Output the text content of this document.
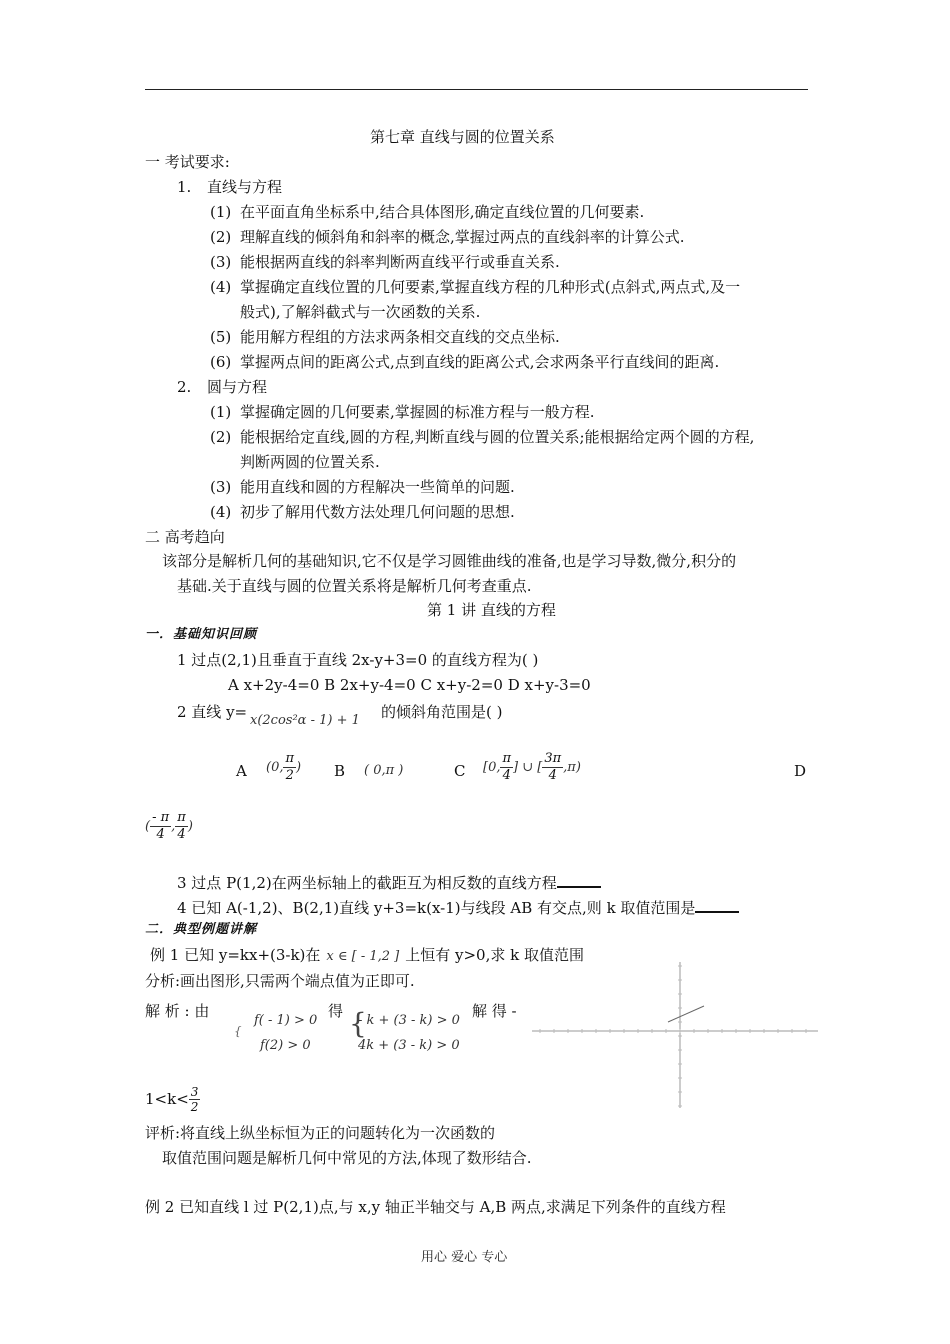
第七章 直线与圆的位置关系
一 考试要求:
1. 直线与方程
(1) 在平面直角坐标系中,结合具体图形,确定直线位置的几何要素.
(2) 理解直线的倾斜角和斜率的概念,掌握过两点的直线斜率的计算公式.
(3) 能根据两直线的斜率判断两直线平行或垂直关系.
(4) 掌握确定直线位置的几何要素,掌握直线方程的几种形式(点斜式,两点式,及一
般式),了解斜截式与一次函数的关系.
(5) 能用解方程组的方法求两条相交直线的交点坐标.
(6) 掌握两点间的距离公式,点到直线的距离公式,会求两条平行直线间的距离.
2. 圆与方程
(1) 掌握确定圆的几何要素,掌握圆的标准方程与一般方程.
(2) 能根据给定直线,圆的方程,判断直线与圆的位置关系;能根据给定两个圆的方程,
判断两圆的位置关系.
(3) 能用直线和圆的方程解决一些简单的问题.
(4) 初步了解用代数方法处理几何问题的思想.
二 高考趋向
该部分是解析几何的基础知识,它不仅是学习圆锥曲线的准备,也是学习导数,微分,积分的
基础.关于直线与圆的位置关系将是解析几何考查重点.
第 1 讲 直线的方程
一．基础知识回顾
1 过点(2,1)且垂直于直线 2x-y+3=0 的直线方程为( )
A x+2y-4=0 B 2x+y-4=0 C x+y-2=0 D x+y-3=0
2 直线 y= x(2cos²α - 1) + 1 的倾斜角范围是( )
A (0, $\frac{\pi}{2}$ ) B ( 0,π )	C [0, $\frac{\pi}{4}$ ] ∪ [ $\frac{3\pi}{4} ,\pi$)	D
( $\frac{- \pi}{4}$ , $\frac{\pi}{4}$ )
3 过点 P(1,2)在两坐标轴上的截距互为相反数的直线方程
4 已知 A(-1,2)、B(2,1)直线 y+3=k(x-1)与线段 AB 有交点,则 k 取值范围是
二．典型例题讲解
例 1 已知 y=kx+(3-k)在 x ∈ [ - 1,2 ] 上恒有 y>0,求 k 取值范围
分析:画出图形,只需两个端点值为正即可.
解 析 : 由
{
f( - 1) > 0
f(2) > 0
得 {
- k + (3 - k) > 0
4k + (3 - k) > 0
解 得 -
$1<k< \frac{3}{2}$
评析:将直线上纵坐标恒为正的问题转化为一次函数的
取值范围问题是解析几何中常见的方法,体现了数形结合.
例 2 已知直线 l 过 P(2,1)点,与 x,y 轴正半轴交与 A,B 两点,求满足下列条件的直线方程
用心 爱心 专心
